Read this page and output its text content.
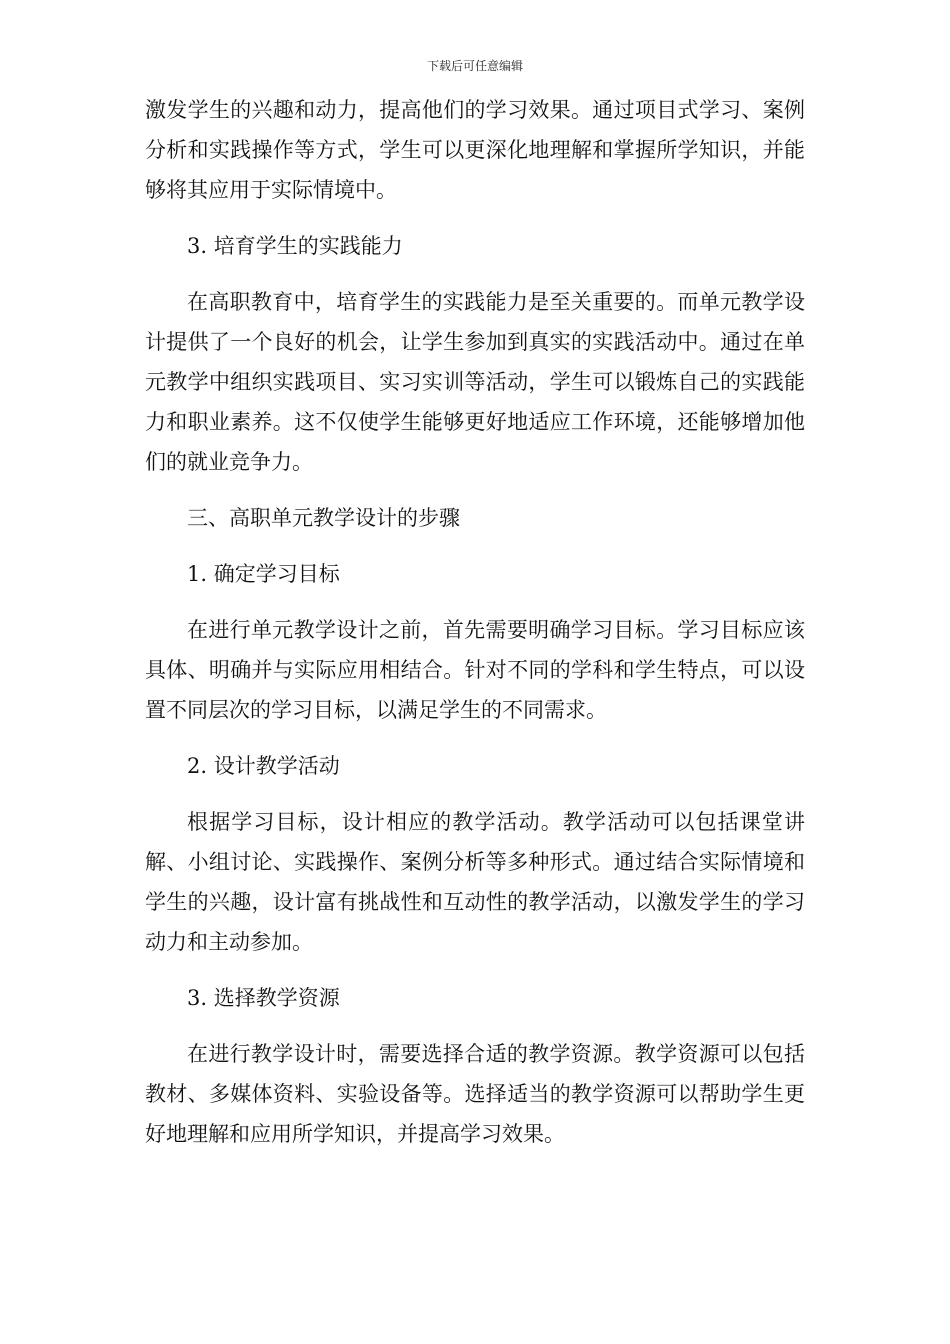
下载后可任意编辑

激发学生的兴趣和动力，提高他们的学习效果。通过项目式学习、案例分析和实践操作等方式，学生可以更深化地理解和掌握所学知识，并能够将其应用于实际情境中。

3. 培育学生的实践能力

在高职教育中，培育学生的实践能力是至关重要的。而单元教学设计提供了一个良好的机会，让学生参加到真实的实践活动中。通过在单元教学中组织实践项目、实习实训等活动，学生可以锻炼自己的实践能力和职业素养。这不仅使学生能够更好地适应工作环境，还能够增加他们的就业竞争力。

三、高职单元教学设计的步骤

1. 确定学习目标

在进行单元教学设计之前，首先需要明确学习目标。学习目标应该具体、明确并与实际应用相结合。针对不同的学科和学生特点，可以设置不同层次的学习目标，以满足学生的不同需求。

2. 设计教学活动

根据学习目标，设计相应的教学活动。教学活动可以包括课堂讲解、小组讨论、实践操作、案例分析等多种形式。通过结合实际情境和学生的兴趣，设计富有挑战性和互动性的教学活动，以激发学生的学习动力和主动参加。

3. 选择教学资源

在进行教学设计时，需要选择合适的教学资源。教学资源可以包括教材、多媒体资料、实验设备等。选择适当的教学资源可以帮助学生更好地理解和应用所学知识，并提高学习效果。
